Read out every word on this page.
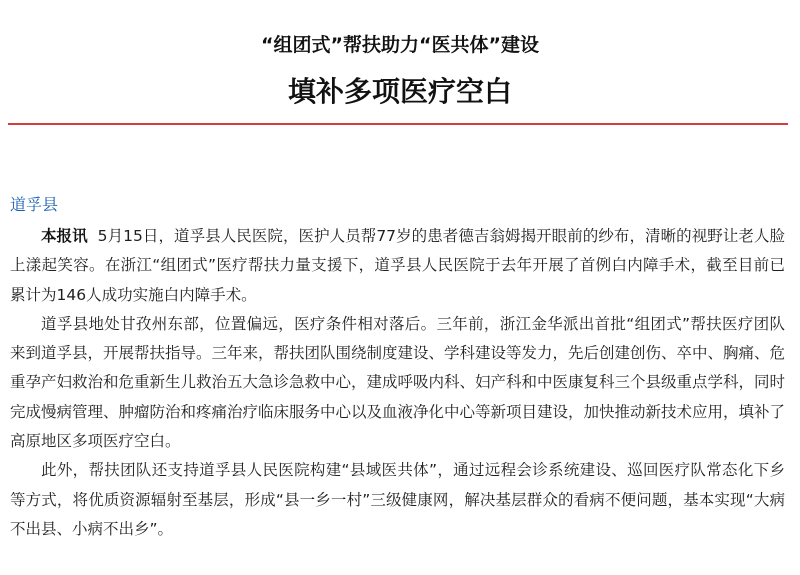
“组团式”帮扶助力“医共体”建设
填补多项医疗空白
道孚县

本报讯 5月15日，道孚县人民医院，医护人员帮77岁的患者德吉翁姆揭开眼前的纱布，清晰的视野让老人脸上漾起笑容。在浙江“组团式”医疗帮扶力量支援下，道孚县人民医院于去年开展了首例白内障手术，截至目前已累计为146人成功实施白内障手术。

道孚县地处甘孜州东部，位置偏远，医疗条件相对落后。三年前，浙江金华派出首批“组团式”帮扶医疗团队来到道孚县，开展帮扶指导。三年来，帮扶团队围绕制度建设、学科建设等发力，先后创建创伤、卒中、胸痛、危重孕产妇救治和危重新生儿救治五大急诊急救中心，建成呼吸内科、妇产科和中医康复科三个县级重点学科，同时完成慢病管理、肿瘤防治和疼痛治疗临床服务中心以及血液净化中心等新项目建设，加快推动新技术应用，填补了高原地区多项医疗空白。

此外，帮扶团队还支持道孚县人民医院构建“县域医共体”，通过远程会诊系统建设、巡回医疗队常态化下乡等方式，将优质资源辐射至基层，形成“县一乡一村”三级健康网，解决基层群众的看病不便问题，基本实现“大病不出县、小病不出乡”。
